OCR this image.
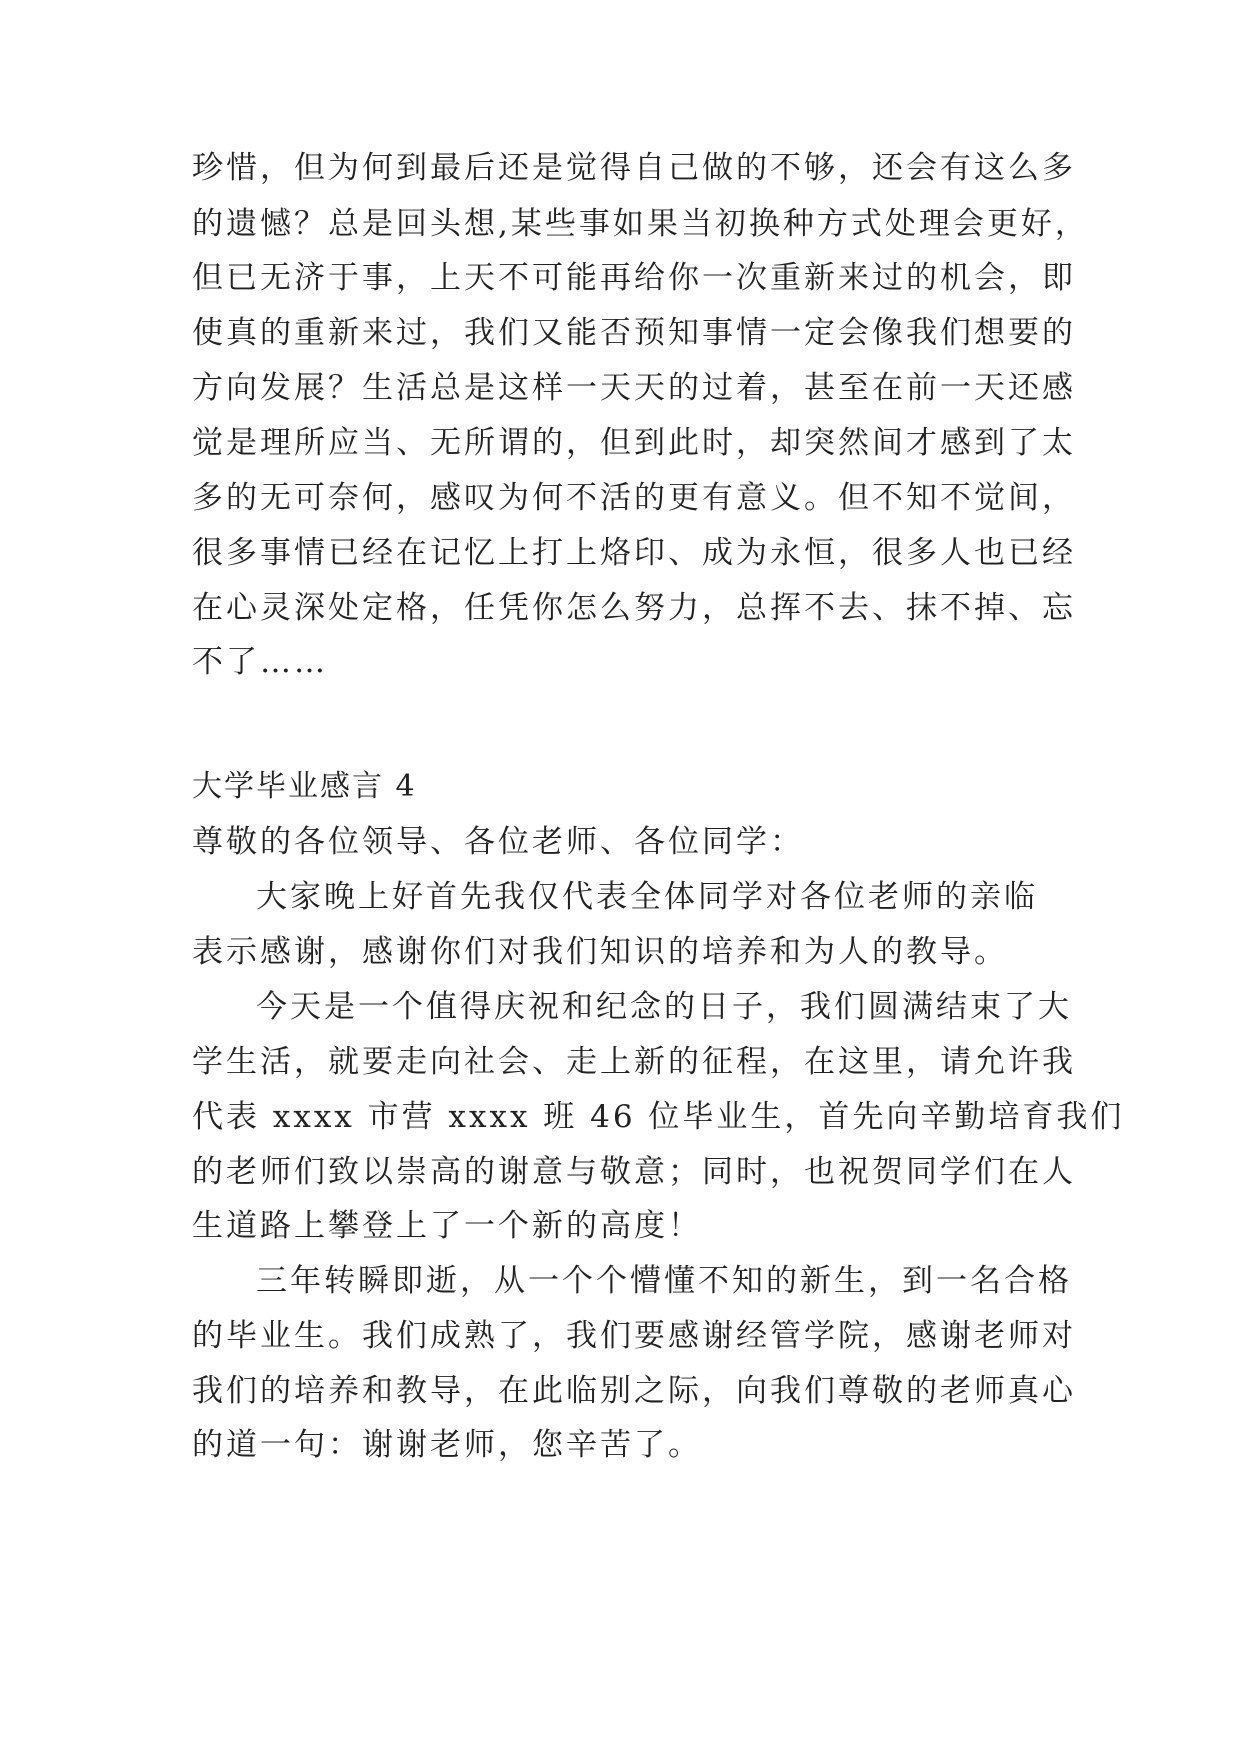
珍惜，但为何到最后还是觉得自己做的不够，还会有这么多
的遗憾？总是回头想,某些事如果当初换种方式处理会更好，
但已无济于事，上天不可能再给你一次重新来过的机会，即
使真的重新来过，我们又能否预知事情一定会像我们想要的
方向发展？生活总是这样一天天的过着，甚至在前一天还感
觉是理所应当、无所谓的，但到此时，却突然间才感到了太
多的无可奈何，感叹为何不活的更有意义。但不知不觉间，
很多事情已经在记忆上打上烙印、成为永恒，很多人也已经
在心灵深处定格，任凭你怎么努力，总挥不去、抹不掉、忘
不了……
大学毕业感言 4
尊敬的各位领导、各位老师、各位同学：
大家晚上好首先我仅代表全体同学对各位老师的亲临
表示感谢，感谢你们对我们知识的培养和为人的教导。
今天是一个值得庆祝和纪念的日子，我们圆满结束了大
学生活，就要走向社会、走上新的征程，在这里，请允许我
代表 xxxx 市营 xxxx 班 46 位毕业生，首先向辛勤培育我们
的老师们致以崇高的谢意与敬意；同时，也祝贺同学们在人
生道路上攀登上了一个新的高度！
三年转瞬即逝，从一个个懵懂不知的新生，到一名合格
的毕业生。我们成熟了，我们要感谢经管学院，感谢老师对
我们的培养和教导，在此临别之际，向我们尊敬的老师真心
的道一句：谢谢老师，您辛苦了。
